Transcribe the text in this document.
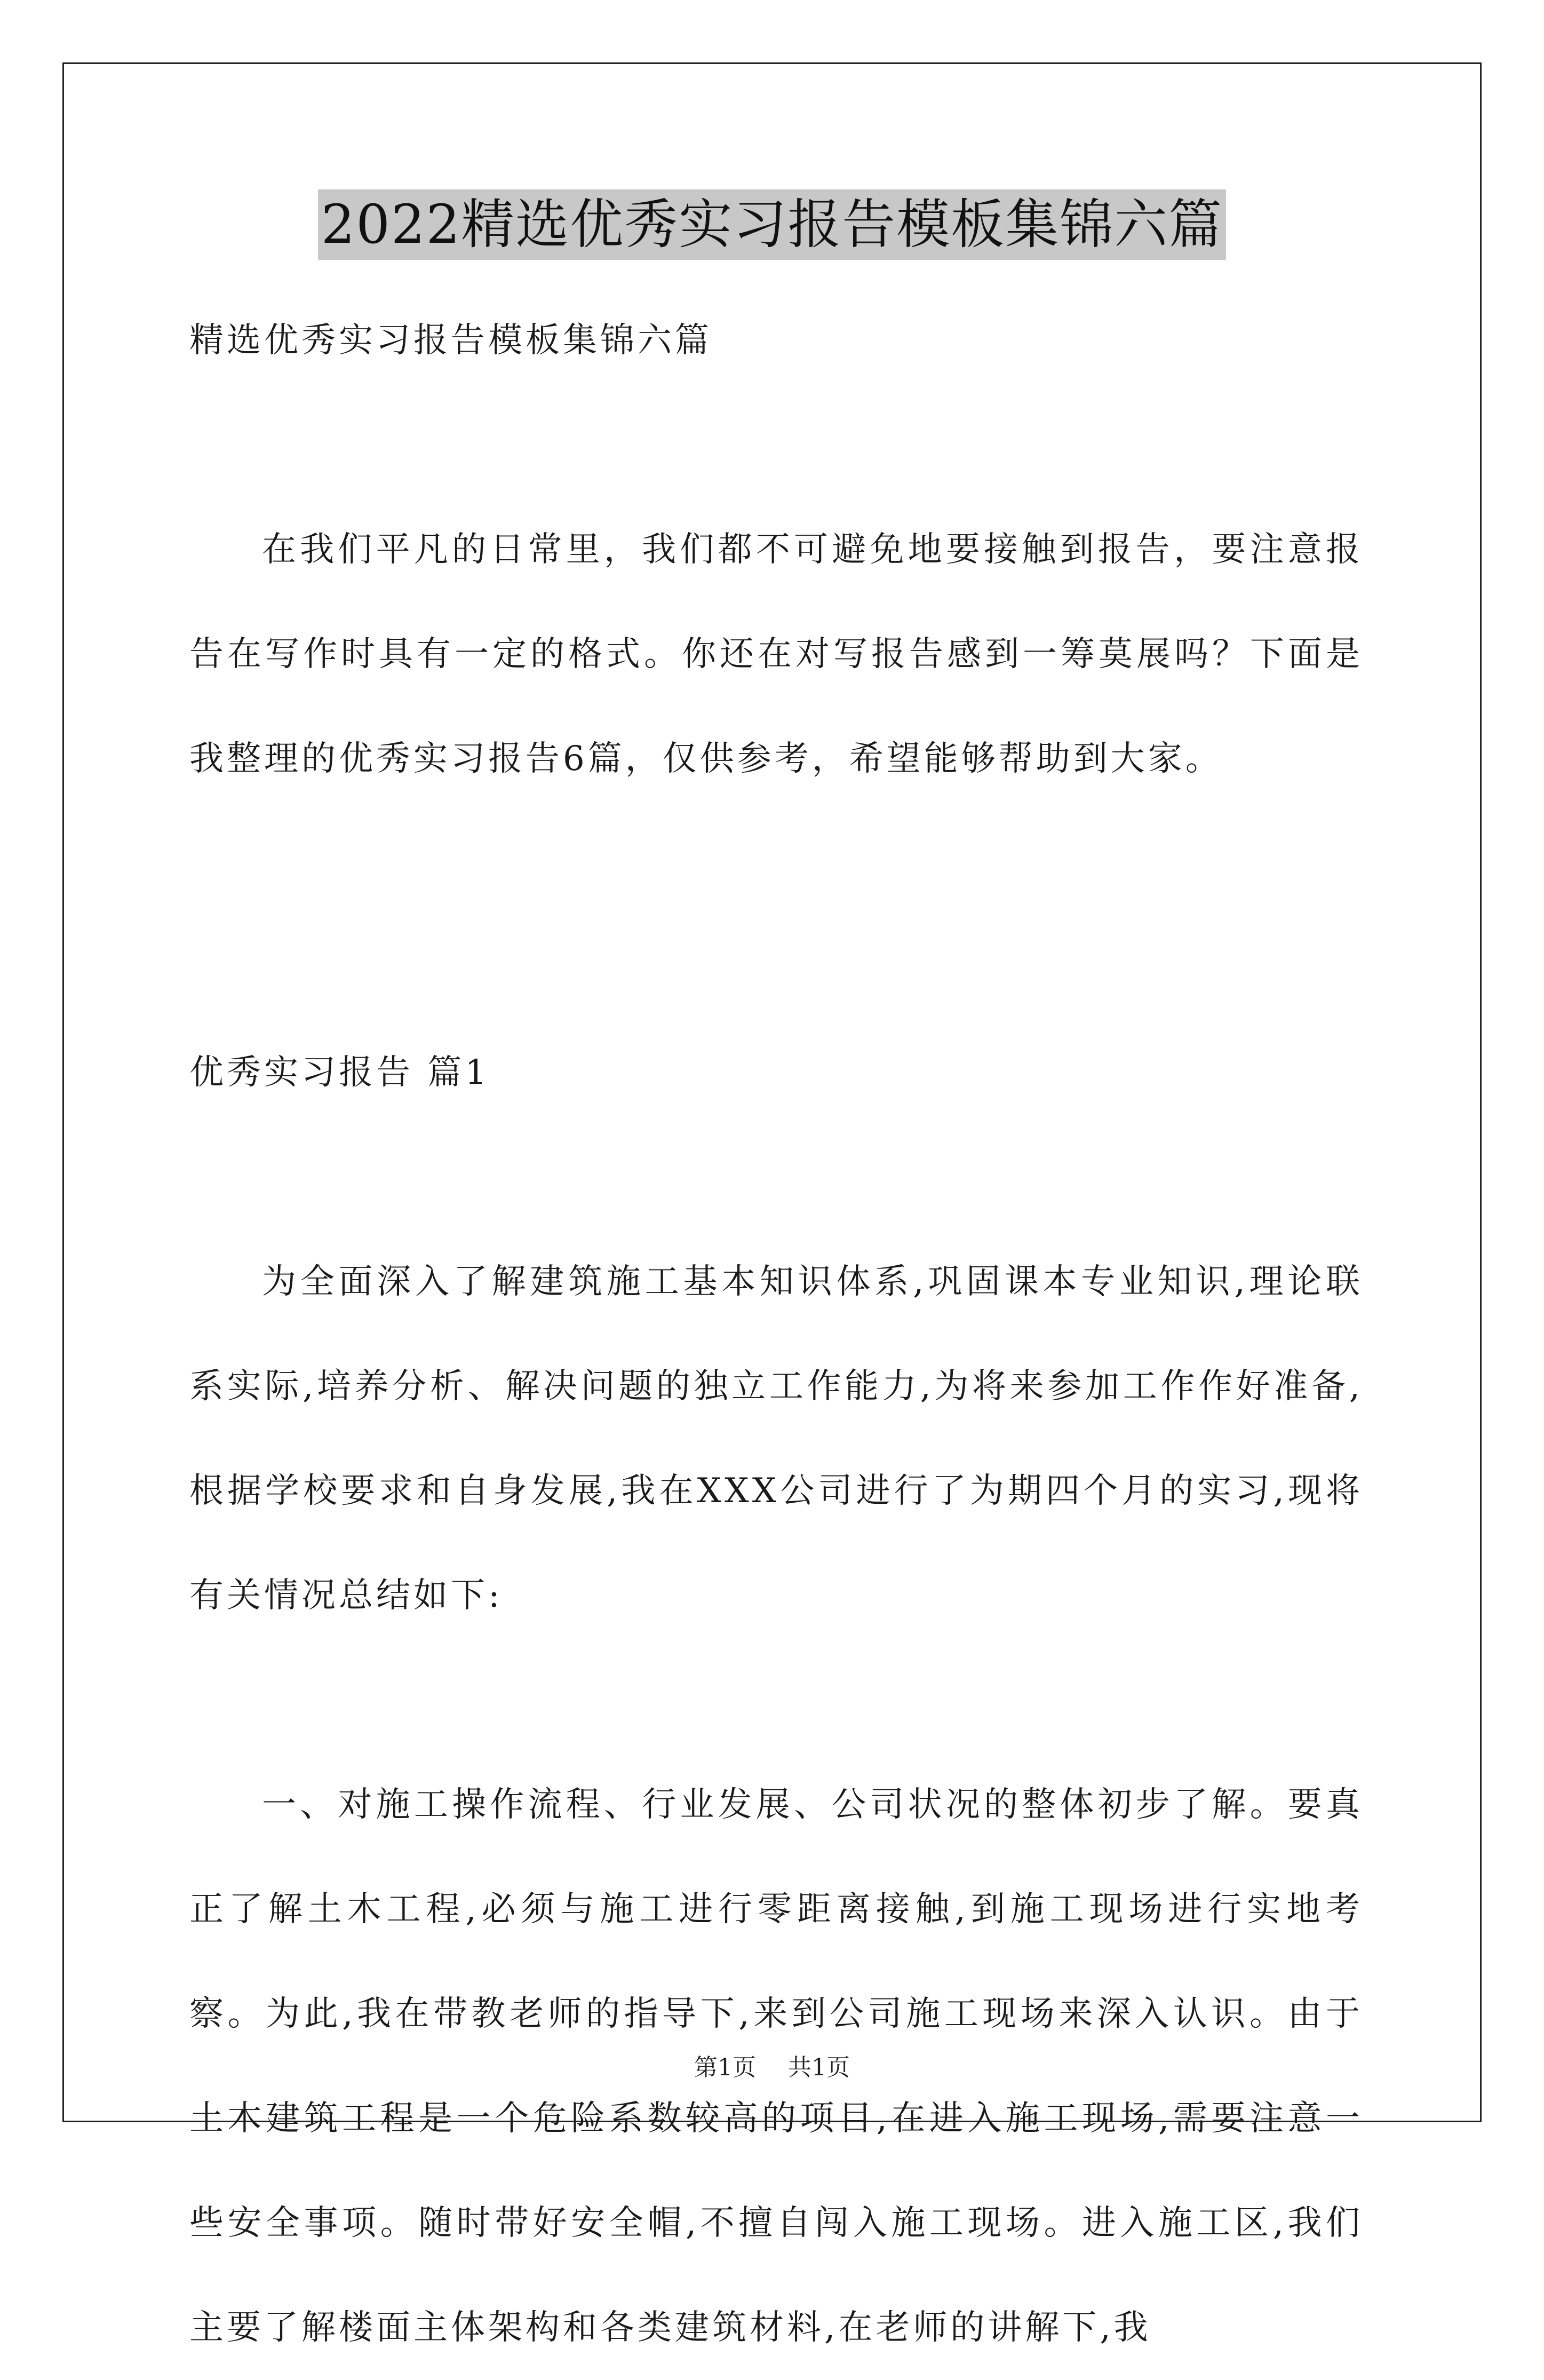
2022精选优秀实习报告模板集锦六篇

精选优秀实习报告模板集锦六篇

在我们平凡的日常里，我们都不可避免地要接触到报告，要注意报告在写作时具有一定的格式。你还在对写报告感到一筹莫展吗？下面是我整理的优秀实习报告6篇，仅供参考，希望能够帮助到大家。

优秀实习报告 篇1

为全面深入了解建筑施工基本知识体系,巩固课本专业知识,理论联系实际,培养分析、解决问题的独立工作能力,为将来参加工作作好准备,根据学校要求和自身发展,我在XXX公司进行了为期四个月的实习,现将有关情况总结如下:

一、对施工操作流程、行业发展、公司状况的整体初步了解。要真正了解土木工程,必须与施工进行零距离接触,到施工现场进行实地考察。为此,我在带教老师的指导下,来到公司施工现场来深入认识。由于土木建筑工程是一个危险系数较高的项目,在进入施工现场,需要注意一些安全事项。随时带好安全帽,不擅自闯入施工现场。进入施工区,我们主要了解楼面主体架构和各类建筑材料,在老师的讲解下,我

第1页 共1页
